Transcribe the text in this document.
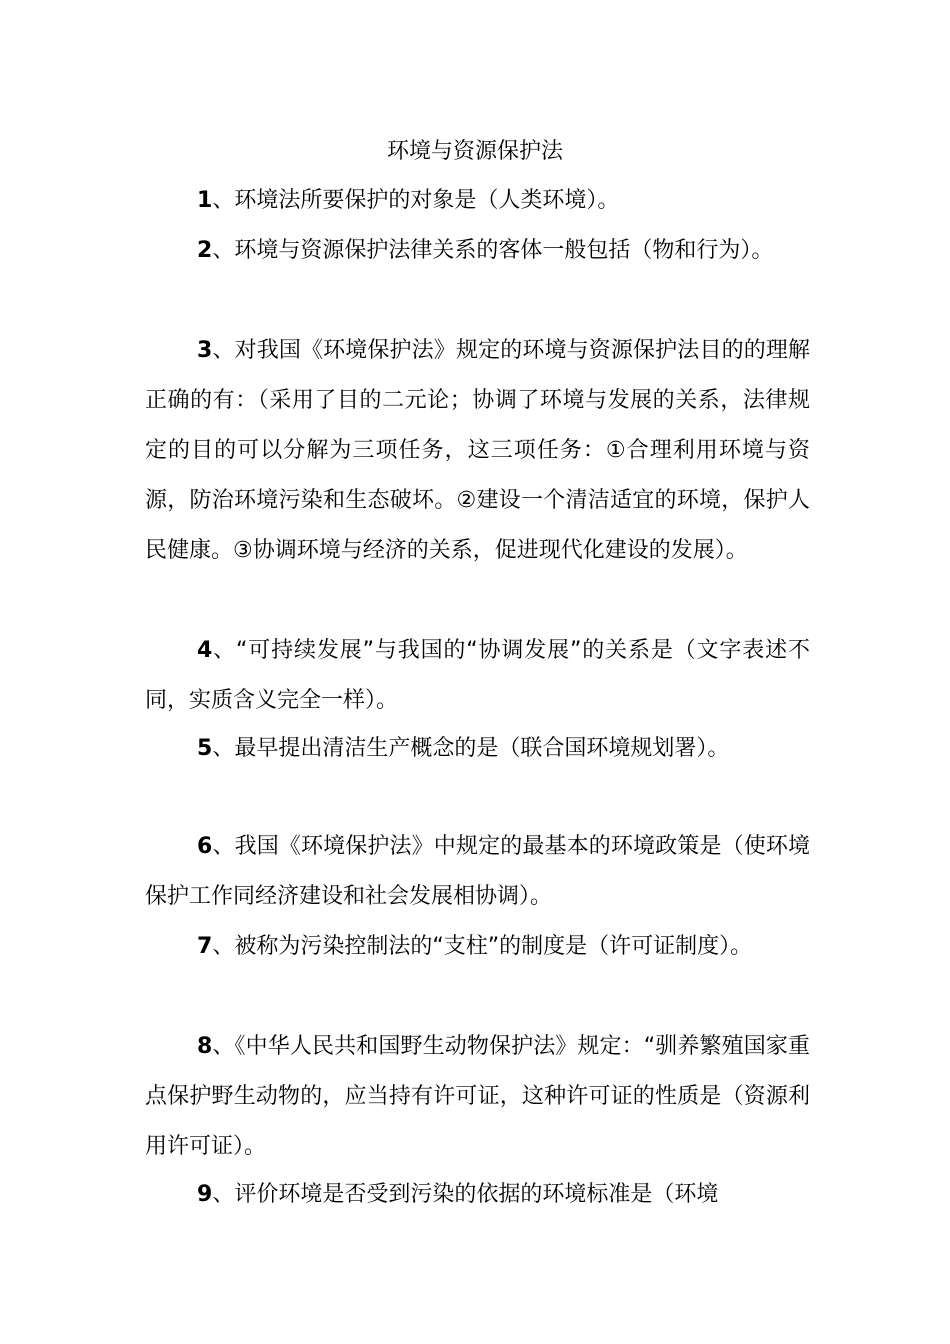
环境与资源保护法

1、环境法所要保护的对象是（人类环境）。

2、环境与资源保护法律关系的客体一般包括（物和行为）。

3、对我国《环境保护法》规定的环境与资源保护法目的的理解正确的有：（采用了目的二元论；协调了环境与发展的关系，法律规定的目的可以分解为三项任务，这三项任务：①合理利用环境与资源，防治环境污染和生态破坏。②建设一个清洁适宜的环境，保护人民健康。③协调环境与经济的关系，促进现代化建设的发展）。

4、“可持续发展”与我国的“协调发展”的关系是（文字表述不同，实质含义完全一样）。

5、最早提出清洁生产概念的是（联合国环境规划署）。

6、我国《环境保护法》中规定的最基本的环境政策是（使环境保护工作同经济建设和社会发展相协调）。

7、被称为污染控制法的“支柱”的制度是（许可证制度）。

8、《中华人民共和国野生动物保护法》规定：“驯养繁殖国家重点保护野生动物的，应当持有许可证，这种许可证的性质是（资源利用许可证）。

9、评价环境是否受到污染的依据的环境标准是（环境
